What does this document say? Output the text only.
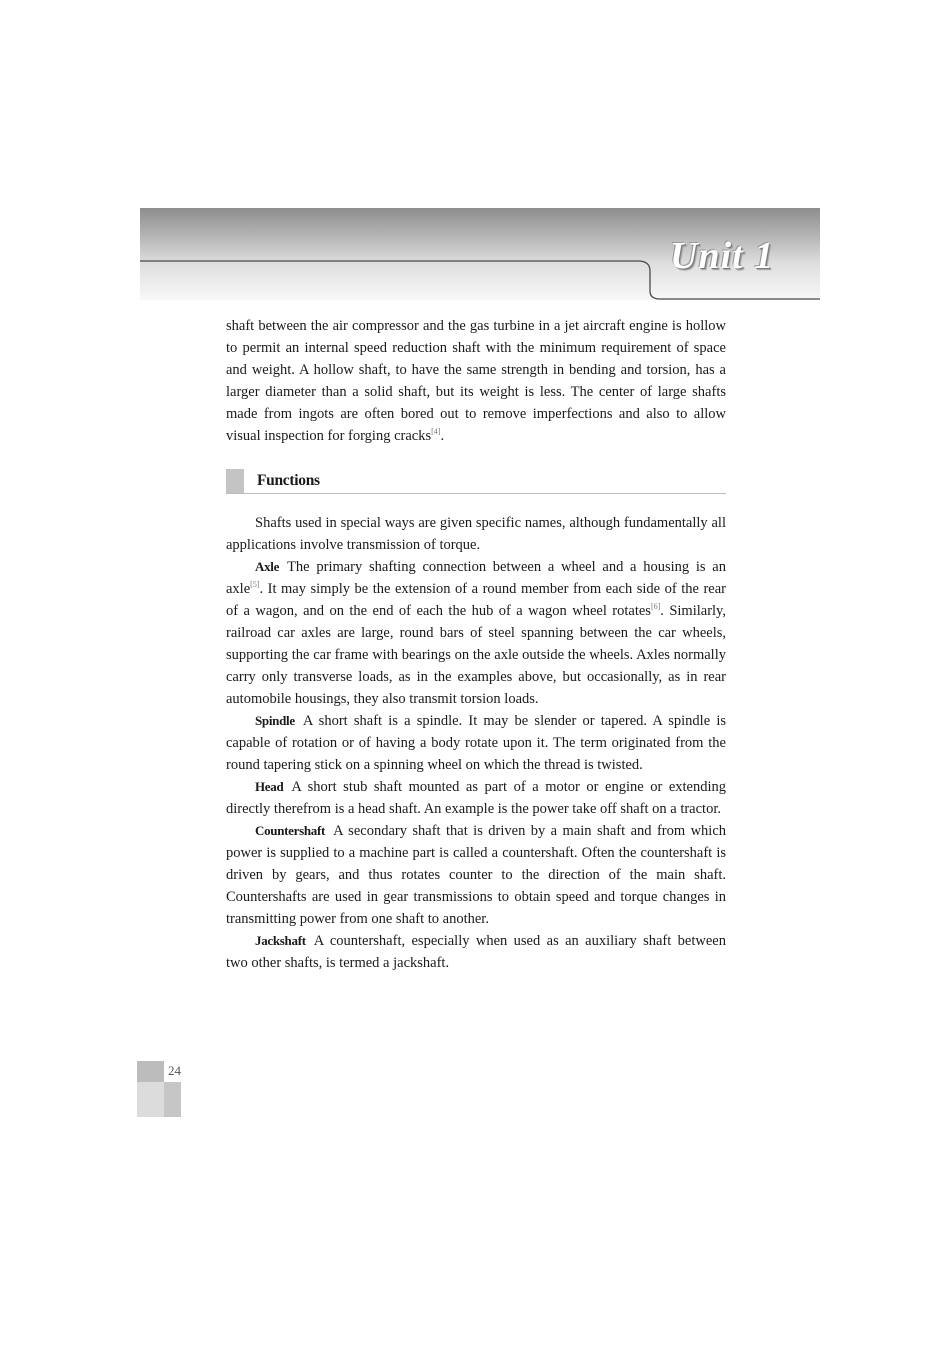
Unit 1

shaft between the air compressor and the gas turbine in a jet aircraft engine is hollow to permit an internal speed reduction shaft with the minimum requirement of space and weight. A hollow shaft, to have the same strength in bending and torsion, has a larger diameter than a solid shaft, but its weight is less. The center of large shafts made from ingots are often bored out to remove imperfections and also to allow visual inspection for forging cracks[4].

Functions

Shafts used in special ways are given specific names, although fundamentally all applications involve transmission of torque.

Axle The primary shafting connection between a wheel and a housing is an axle[5]. It may simply be the extension of a round member from each side of the rear of a wagon, and on the end of each the hub of a wagon wheel rotates[6]. Similarly, railroad car axles are large, round bars of steel spanning between the car wheels, supporting the car frame with bearings on the axle outside the wheels. Axles normally carry only transverse loads, as in the examples above, but occasionally, as in rear automobile housings, they also transmit torsion loads.

Spindle A short shaft is a spindle. It may be slender or tapered. A spindle is capable of rotation or of having a body rotate upon it. The term originated from the round tapering stick on a spinning wheel on which the thread is twisted.

Head A short stub shaft mounted as part of a motor or engine or extending directly therefrom is a head shaft. An example is the power take off shaft on a tractor.

Countershaft A secondary shaft that is driven by a main shaft and from which power is supplied to a machine part is called a countershaft. Often the countershaft is driven by gears, and thus rotates counter to the direction of the main shaft. Countershafts are used in gear transmissions to obtain speed and torque changes in transmitting power from one shaft to another.

Jackshaft A countershaft, especially when used as an auxiliary shaft between two other shafts, is termed a jackshaft.

24
